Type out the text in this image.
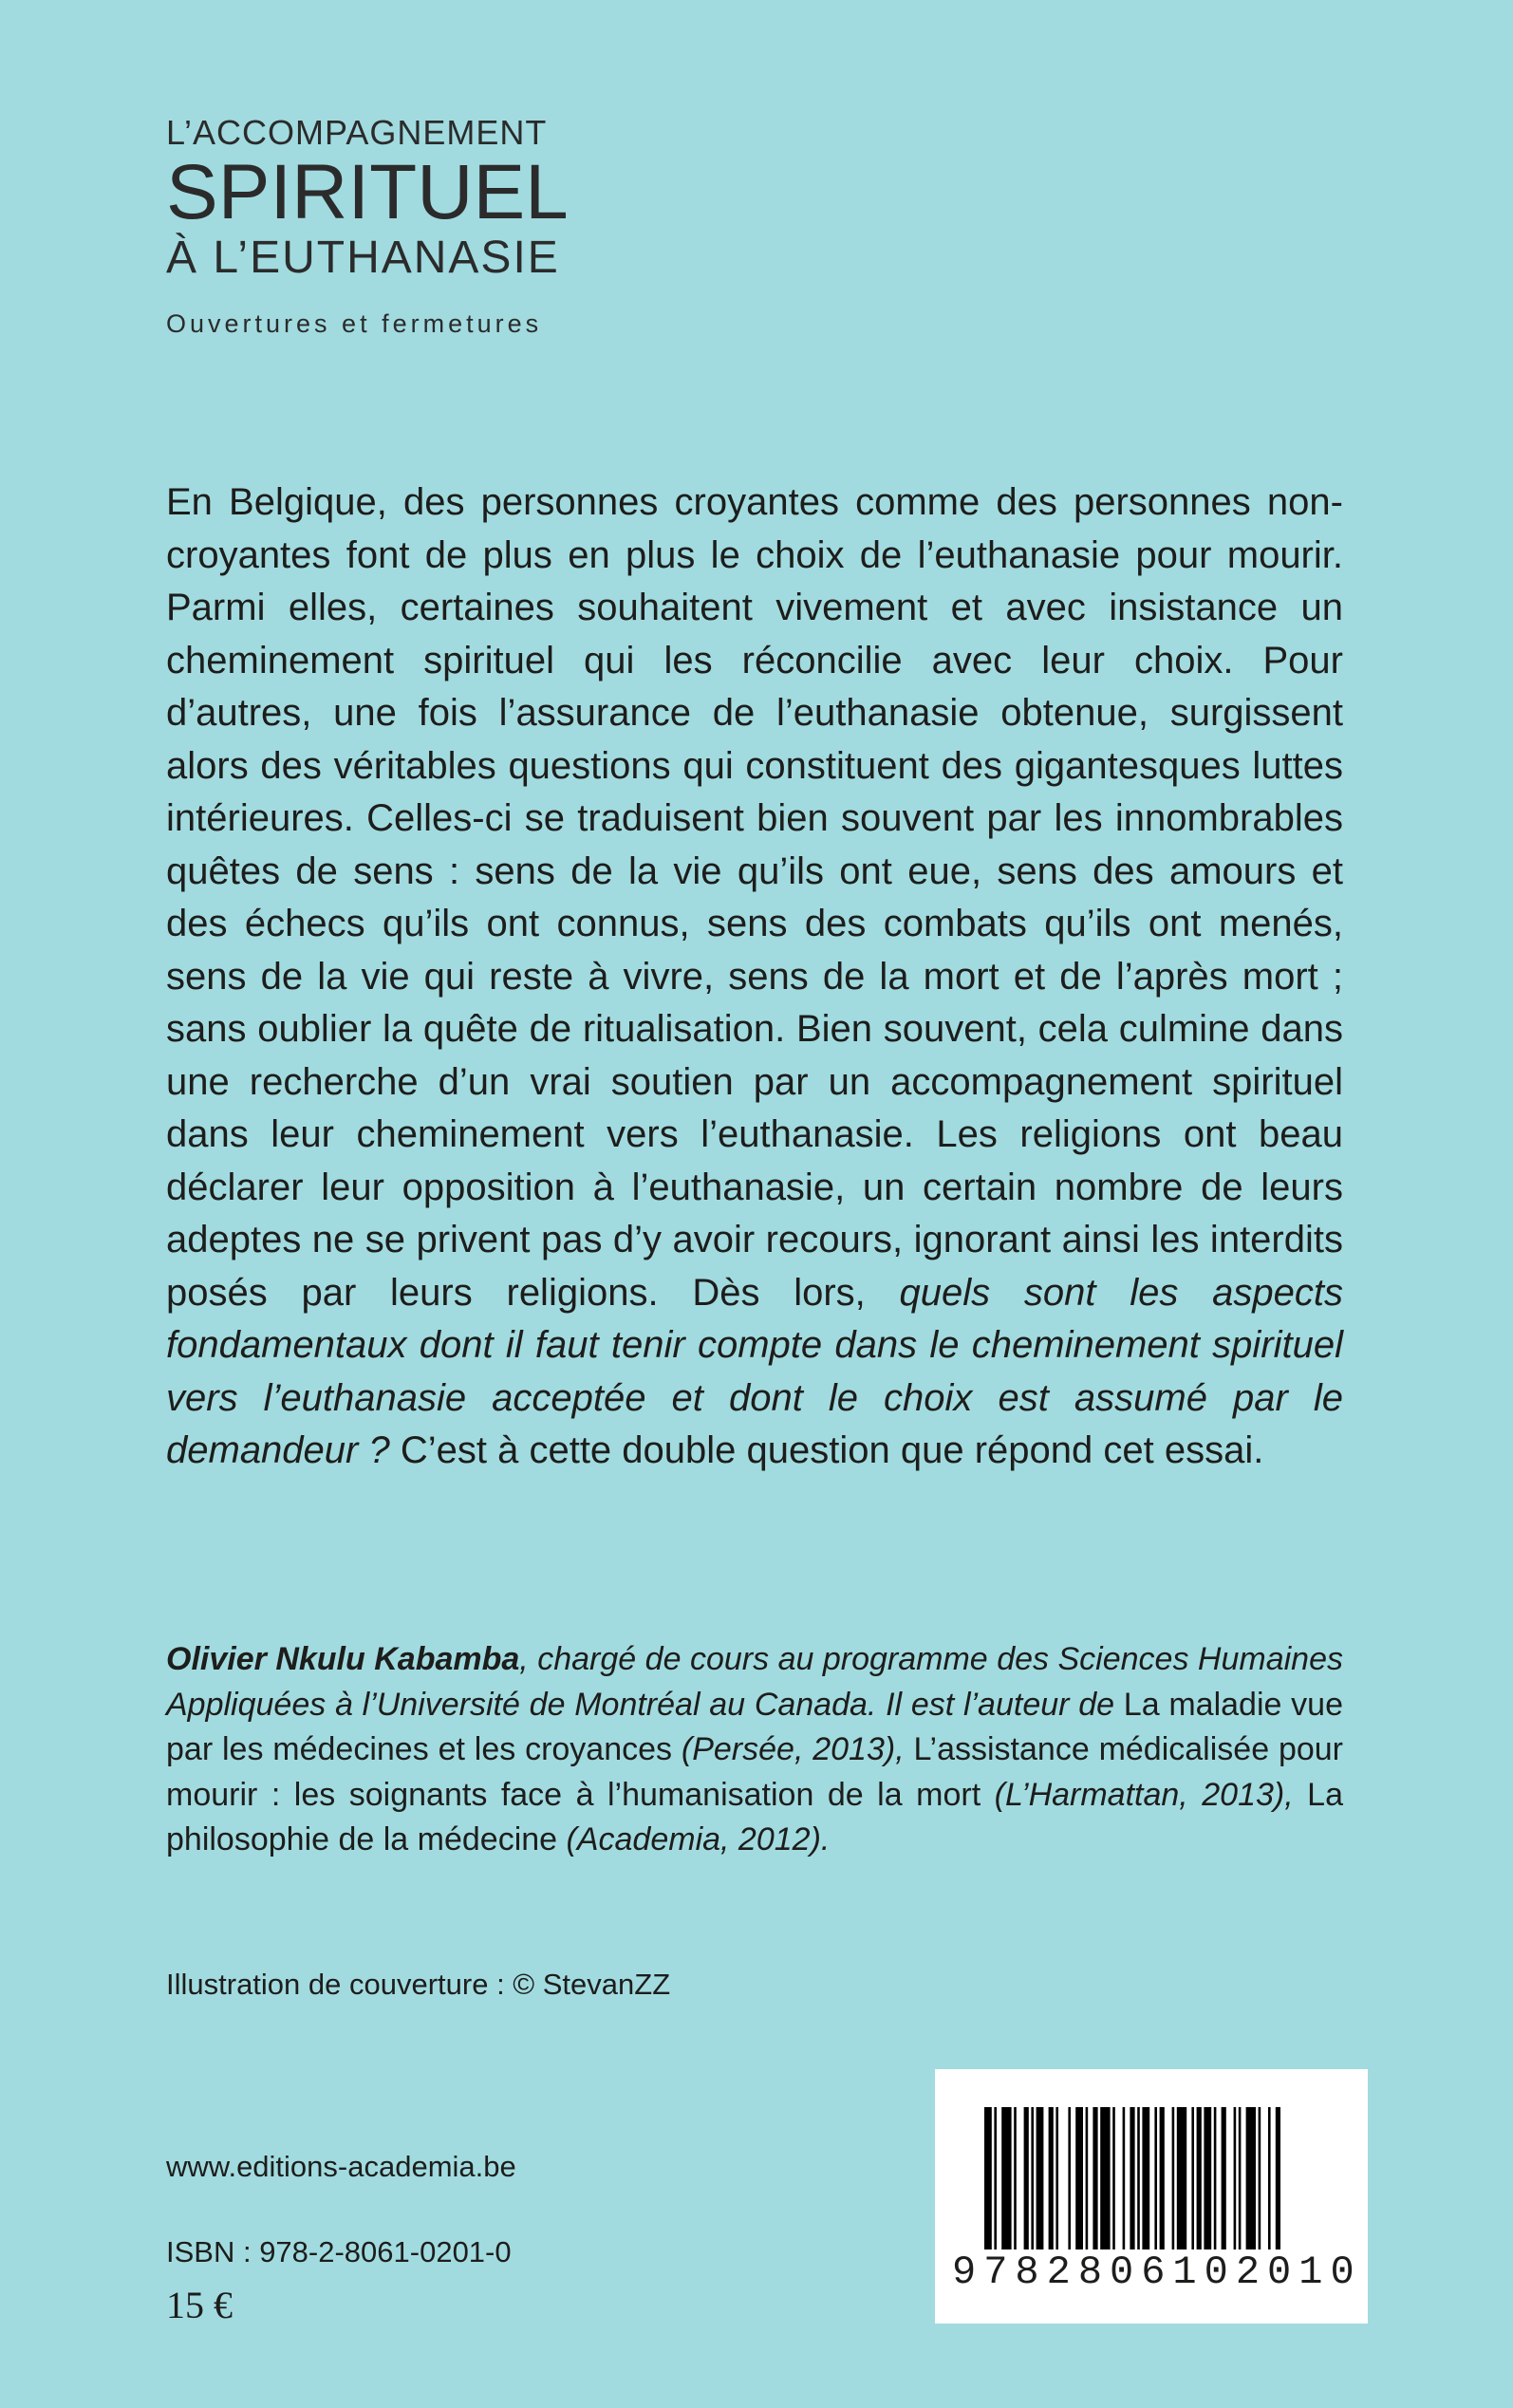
L’ACCOMPAGNEMENT
SPIRITUEL
À L’EUTHANASIE
Ouvertures et fermetures

En Belgique, des personnes croyantes comme des personnes non-croyantes font de plus en plus le choix de l’euthanasie pour mourir. Parmi elles, certaines souhaitent vivement et avec insistance un cheminement spirituel qui les réconcilie avec leur choix. Pour d’autres, une fois l’assurance de l’euthanasie obtenue, surgissent alors des véritables questions qui constituent des gigantesques luttes intérieures. Celles-ci se traduisent bien souvent par les innombrables quêtes de sens : sens de la vie qu’ils ont eue, sens des amours et des échecs qu’ils ont connus, sens des combats qu’ils ont menés, sens de la vie qui reste à vivre, sens de la mort et de l’après mort ; sans oublier la quête de ritualisation. Bien souvent, cela culmine dans une recherche d’un vrai soutien par un accompagnement spirituel dans leur cheminement vers l’euthanasie. Les religions ont beau déclarer leur opposition à l’euthanasie, un certain nombre de leurs adeptes ne se privent pas d’y avoir recours, ignorant ainsi les interdits posés par leurs religions. Dès lors, quels sont les aspects fondamentaux dont il faut tenir compte dans le cheminement spirituel vers l’euthanasie acceptée et dont le choix est assumé par le demandeur ? C’est à cette double question que répond cet essai.

Olivier Nkulu Kabamba, chargé de cours au programme des Sciences Humaines Appliquées à l’Université de Montréal au Canada. Il est l’auteur de La maladie vue par les médecines et les croyances (Persée, 2013), L’assistance médicalisée pour mourir : les soignants face à l’humanisation de la mort (L’Harmattan, 2013), La philosophie de la médecine (Academia, 2012).

Illustration de couverture : © StevanZZ
www.editions-academia.be
ISBN : 978-2-8061-0201-0
15 €
9782806102010
